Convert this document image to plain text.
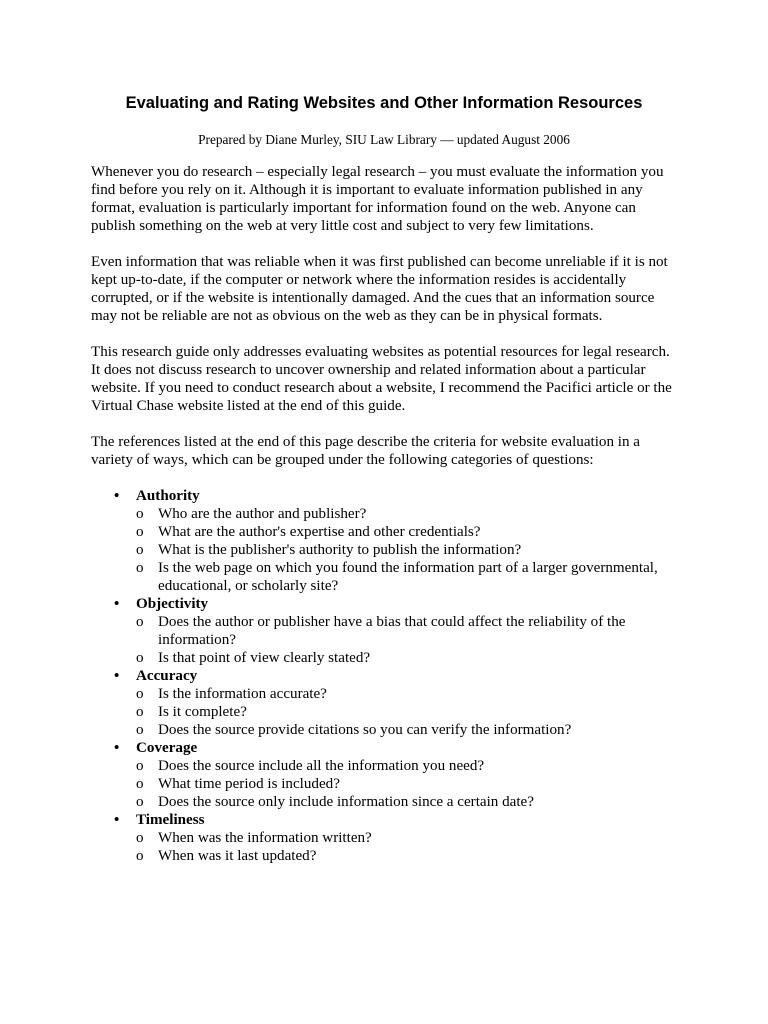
Evaluating and Rating Websites and Other Information Resources

Prepared by Diane Murley, SIU Law Library — updated August 2006

Whenever you do research – especially legal research – you must evaluate the information you
find before you rely on it. Although it is important to evaluate information published in any
format, evaluation is particularly important for information found on the web. Anyone can
publish something on the web at very little cost and subject to very few limitations.

Even information that was reliable when it was first published can become unreliable if it is not
kept up-to-date, if the computer or network where the information resides is accidentally
corrupted, or if the website is intentionally damaged. And the cues that an information source
may not be reliable are not as obvious on the web as they can be in physical formats.

This research guide only addresses evaluating websites as potential resources for legal research.
It does not discuss research to uncover ownership and related information about a particular
website. If you need to conduct research about a website, I recommend the Pacifici article or the
Virtual Chase website listed at the end of this guide.

The references listed at the end of this page describe the criteria for website evaluation in a
variety of ways, which can be grouped under the following categories of questions:

• Authority
o Who are the author and publisher?
o What are the author's expertise and other credentials?
o What is the publisher's authority to publish the information?
o Is the web page on which you found the information part of a larger governmental,
educational, or scholarly site?
• Objectivity
o Does the author or publisher have a bias that could affect the reliability of the
information?
o Is that point of view clearly stated?
• Accuracy
o Is the information accurate?
o Is it complete?
o Does the source provide citations so you can verify the information?
• Coverage
o Does the source include all the information you need?
o What time period is included?
o Does the source only include information since a certain date?
• Timeliness
o When was the information written?
o When was it last updated?
